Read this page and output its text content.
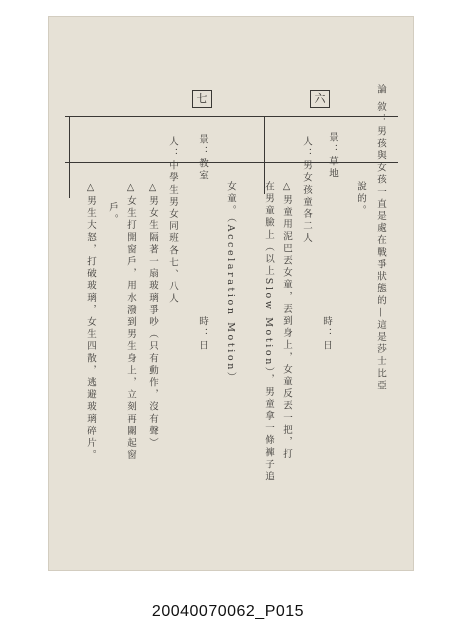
六
七	論 敘：男孩與女孩一直是處在戰爭狀態的—這是莎士比亞
說的。
景：草地
時：日
人：男女孩童各二人
△男童用泥巴丟女童，丟到身上，女童反丟一把，打
在男童臉上（以上Slow Motion），男童拿一條褲子追
女童。（Accelaration Motion）
景：教室
時：日
人：中學生男女同班各七、八人
△男女生隔著一扇玻璃爭吵（只有動作，沒有聲）
△女生打開窗戶，用水潑到男生身上，立刻再關起窗
戶。
△男生大怒，打破玻璃，女生四散，逃避玻璃碎片。
20040070062_P015
